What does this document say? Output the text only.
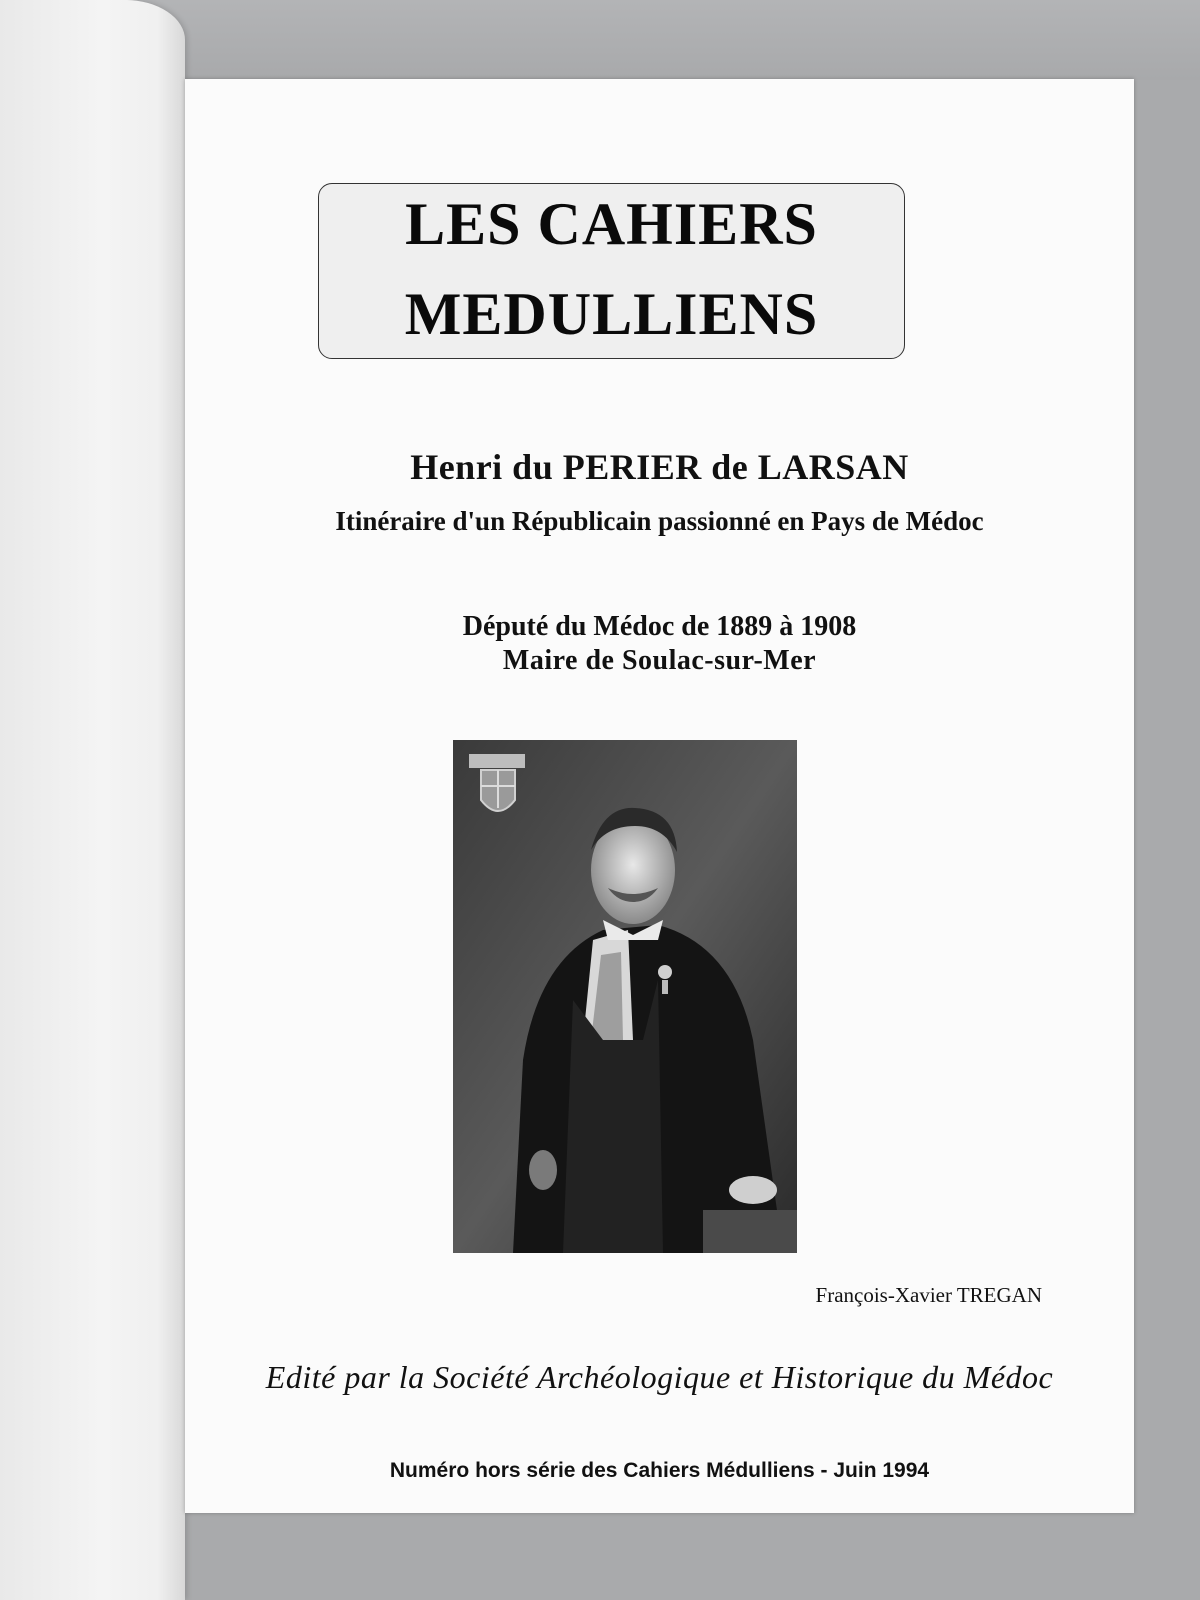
LES CAHIERS
MEDULLIENS
Henri du PERIER de LARSAN
Itinéraire d'un Républicain passionné en Pays de Médoc
Député du Médoc de 1889 à 1908
Maire de Soulac-sur-Mer
François-Xavier TREGAN
Edité par la Société Archéologique et Historique du Médoc
Numéro hors série des Cahiers Médulliens - Juin 1994
